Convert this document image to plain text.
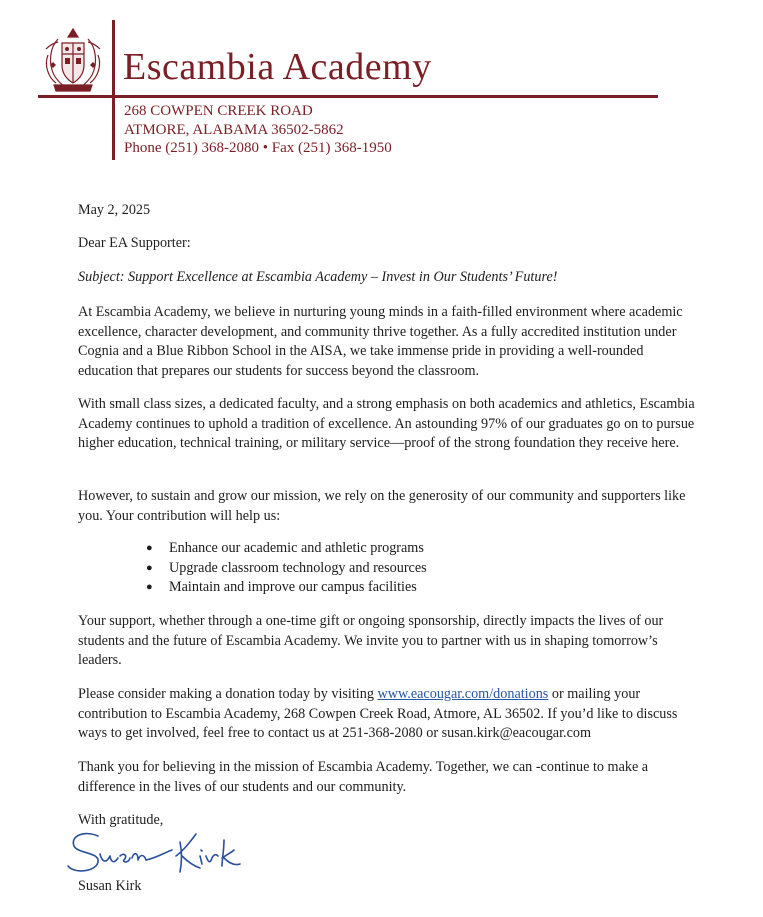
Escambia Academy
268 COWPEN CREEK ROAD
ATMORE, ALABAMA 36502-5862
Phone (251) 368-2080 • Fax (251) 368-1950
May 2, 2025
Dear EA Supporter:
Subject: Support Excellence at Escambia Academy – Invest in Our Students’ Future!
At Escambia Academy, we believe in nurturing young minds in a faith-filled environment where academic excellence, character development, and community thrive together. As a fully accredited institution under Cognia and a Blue Ribbon School in the AISA, we take immense pride in providing a well-rounded education that prepares our students for success beyond the classroom.
With small class sizes, a dedicated faculty, and a strong emphasis on both academics and athletics, Escambia Academy continues to uphold a tradition of excellence. An astounding 97% of our graduates go on to pursue higher education, technical training, or military service—proof of the strong foundation they receive here.
However, to sustain and grow our mission, we rely on the generosity of our community and supporters like you. Your contribution will help us:
● Enhance our academic and athletic programs
● Upgrade classroom technology and resources
● Maintain and improve our campus facilities
Your support, whether through a one-time gift or ongoing sponsorship, directly impacts the lives of our students and the future of Escambia Academy. We invite you to partner with us in shaping tomorrow’s leaders.
Please consider making a donation today by visiting www.eacougar.com/donations or mailing your contribution to Escambia Academy, 268 Cowpen Creek Road, Atmore, AL 36502. If you’d like to discuss ways to get involved, feel free to contact us at 251-368-2080 or susan.kirk@eacougar.com
Thank you for believing in the mission of Escambia Academy. Together, we can -continue to make a difference in the lives of our students and our community.
With gratitude,
Susan Kirk
